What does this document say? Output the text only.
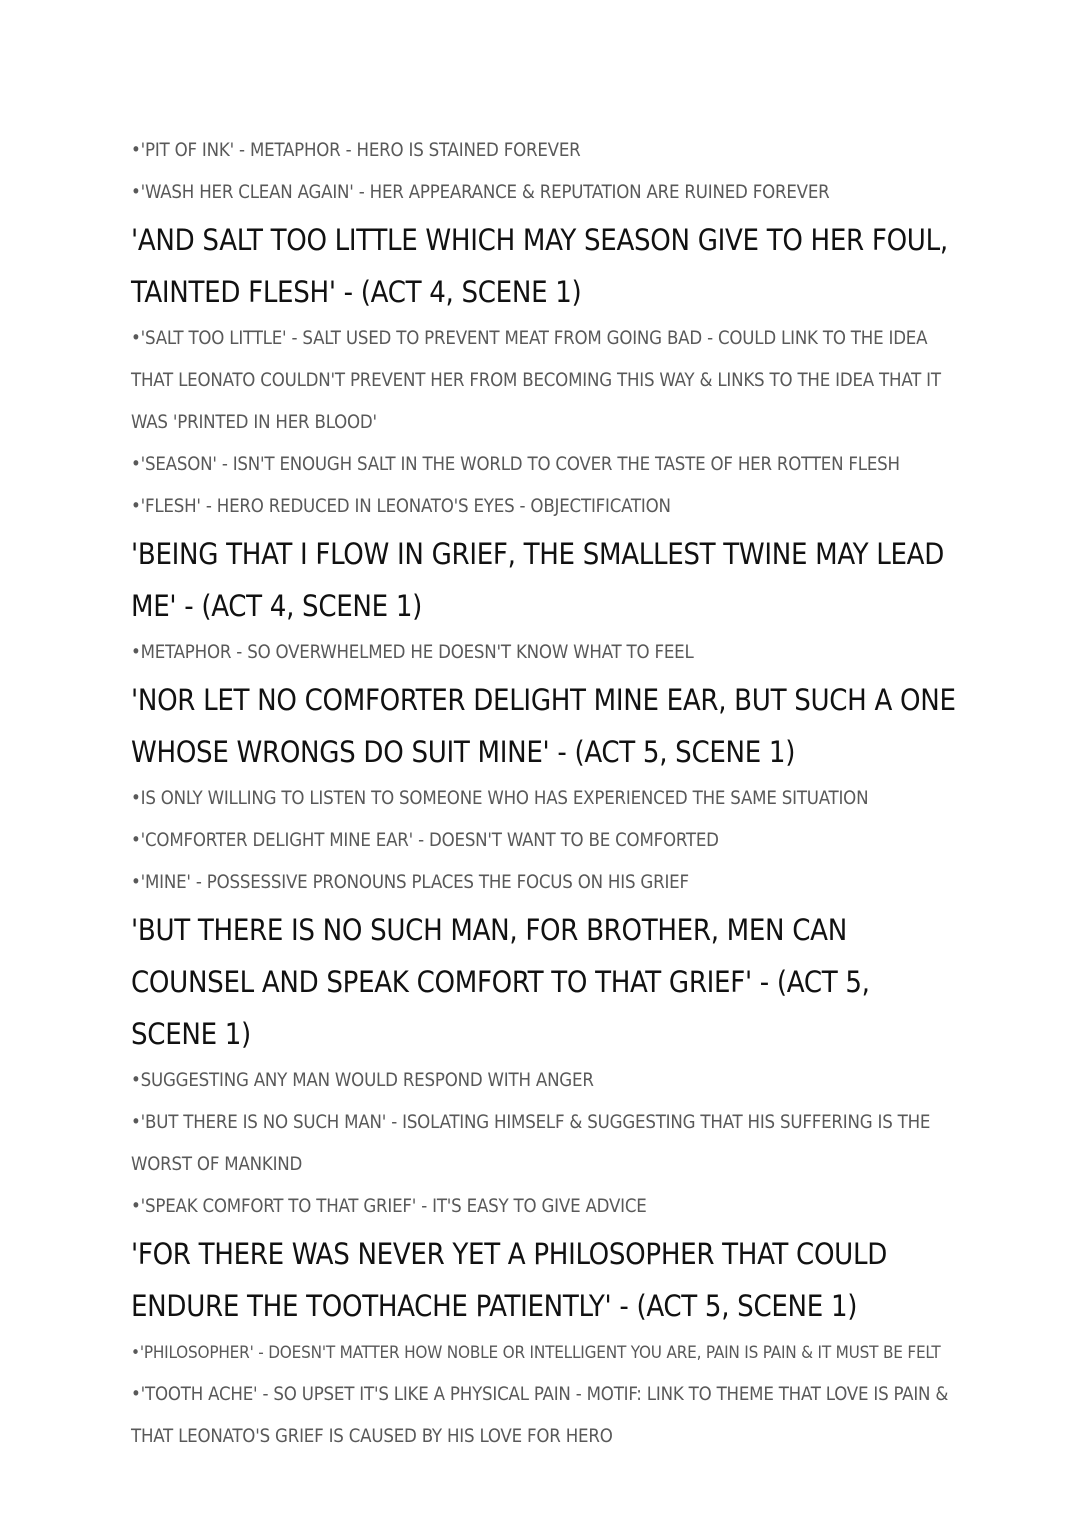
•'PIT OF INK' - METAPHOR - HERO IS STAINED FOREVER

•'WASH HER CLEAN AGAIN' - HER APPEARANCE & REPUTATION ARE RUINED FOREVER

'AND SALT TOO LITTLE WHICH MAY SEASON GIVE TO HER FOUL, TAINTED FLESH' - (ACT 4, SCENE 1)

•'SALT TOO LITTLE' - SALT USED TO PREVENT MEAT FROM GOING BAD - COULD LINK TO THE IDEA THAT LEONATO COULDN'T PREVENT HER FROM BECOMING THIS WAY & LINKS TO THE IDEA THAT IT WAS 'PRINTED IN HER BLOOD'

•'SEASON' - ISN'T ENOUGH SALT IN THE WORLD TO COVER THE TASTE OF HER ROTTEN FLESH

•'FLESH' - HERO REDUCED IN LEONATO'S EYES - OBJECTIFICATION

'BEING THAT I FLOW IN GRIEF, THE SMALLEST TWINE MAY LEAD ME' - (ACT 4, SCENE 1)

•METAPHOR - SO OVERWHELMED HE DOESN'T KNOW WHAT TO FEEL

'NOR LET NO COMFORTER DELIGHT MINE EAR, BUT SUCH A ONE WHOSE WRONGS DO SUIT MINE' - (ACT 5, SCENE 1)

•IS ONLY WILLING TO LISTEN TO SOMEONE WHO HAS EXPERIENCED THE SAME SITUATION

•'COMFORTER DELIGHT MINE EAR' - DOESN'T WANT TO BE COMFORTED

•'MINE' - POSSESSIVE PRONOUNS PLACES THE FOCUS ON HIS GRIEF

'BUT THERE IS NO SUCH MAN, FOR BROTHER, MEN CAN COUNSEL AND SPEAK COMFORT TO THAT GRIEF' - (ACT 5, SCENE 1)

•SUGGESTING ANY MAN WOULD RESPOND WITH ANGER

•'BUT THERE IS NO SUCH MAN' - ISOLATING HIMSELF & SUGGESTING THAT HIS SUFFERING IS THE WORST OF MANKIND

•'SPEAK COMFORT TO THAT GRIEF' - IT'S EASY TO GIVE ADVICE

'FOR THERE WAS NEVER YET A PHILOSOPHER THAT COULD ENDURE THE TOOTHACHE PATIENTLY' - (ACT 5, SCENE 1)

•'PHILOSOPHER' - DOESN'T MATTER HOW NOBLE OR INTELLIGENT YOU ARE, PAIN IS PAIN & IT MUST BE FELT

•'TOOTH ACHE' - SO UPSET IT'S LIKE A PHYSICAL PAIN - MOTIF: LINK TO THEME THAT LOVE IS PAIN & THAT LEONATO'S GRIEF IS CAUSED BY HIS LOVE FOR HERO
